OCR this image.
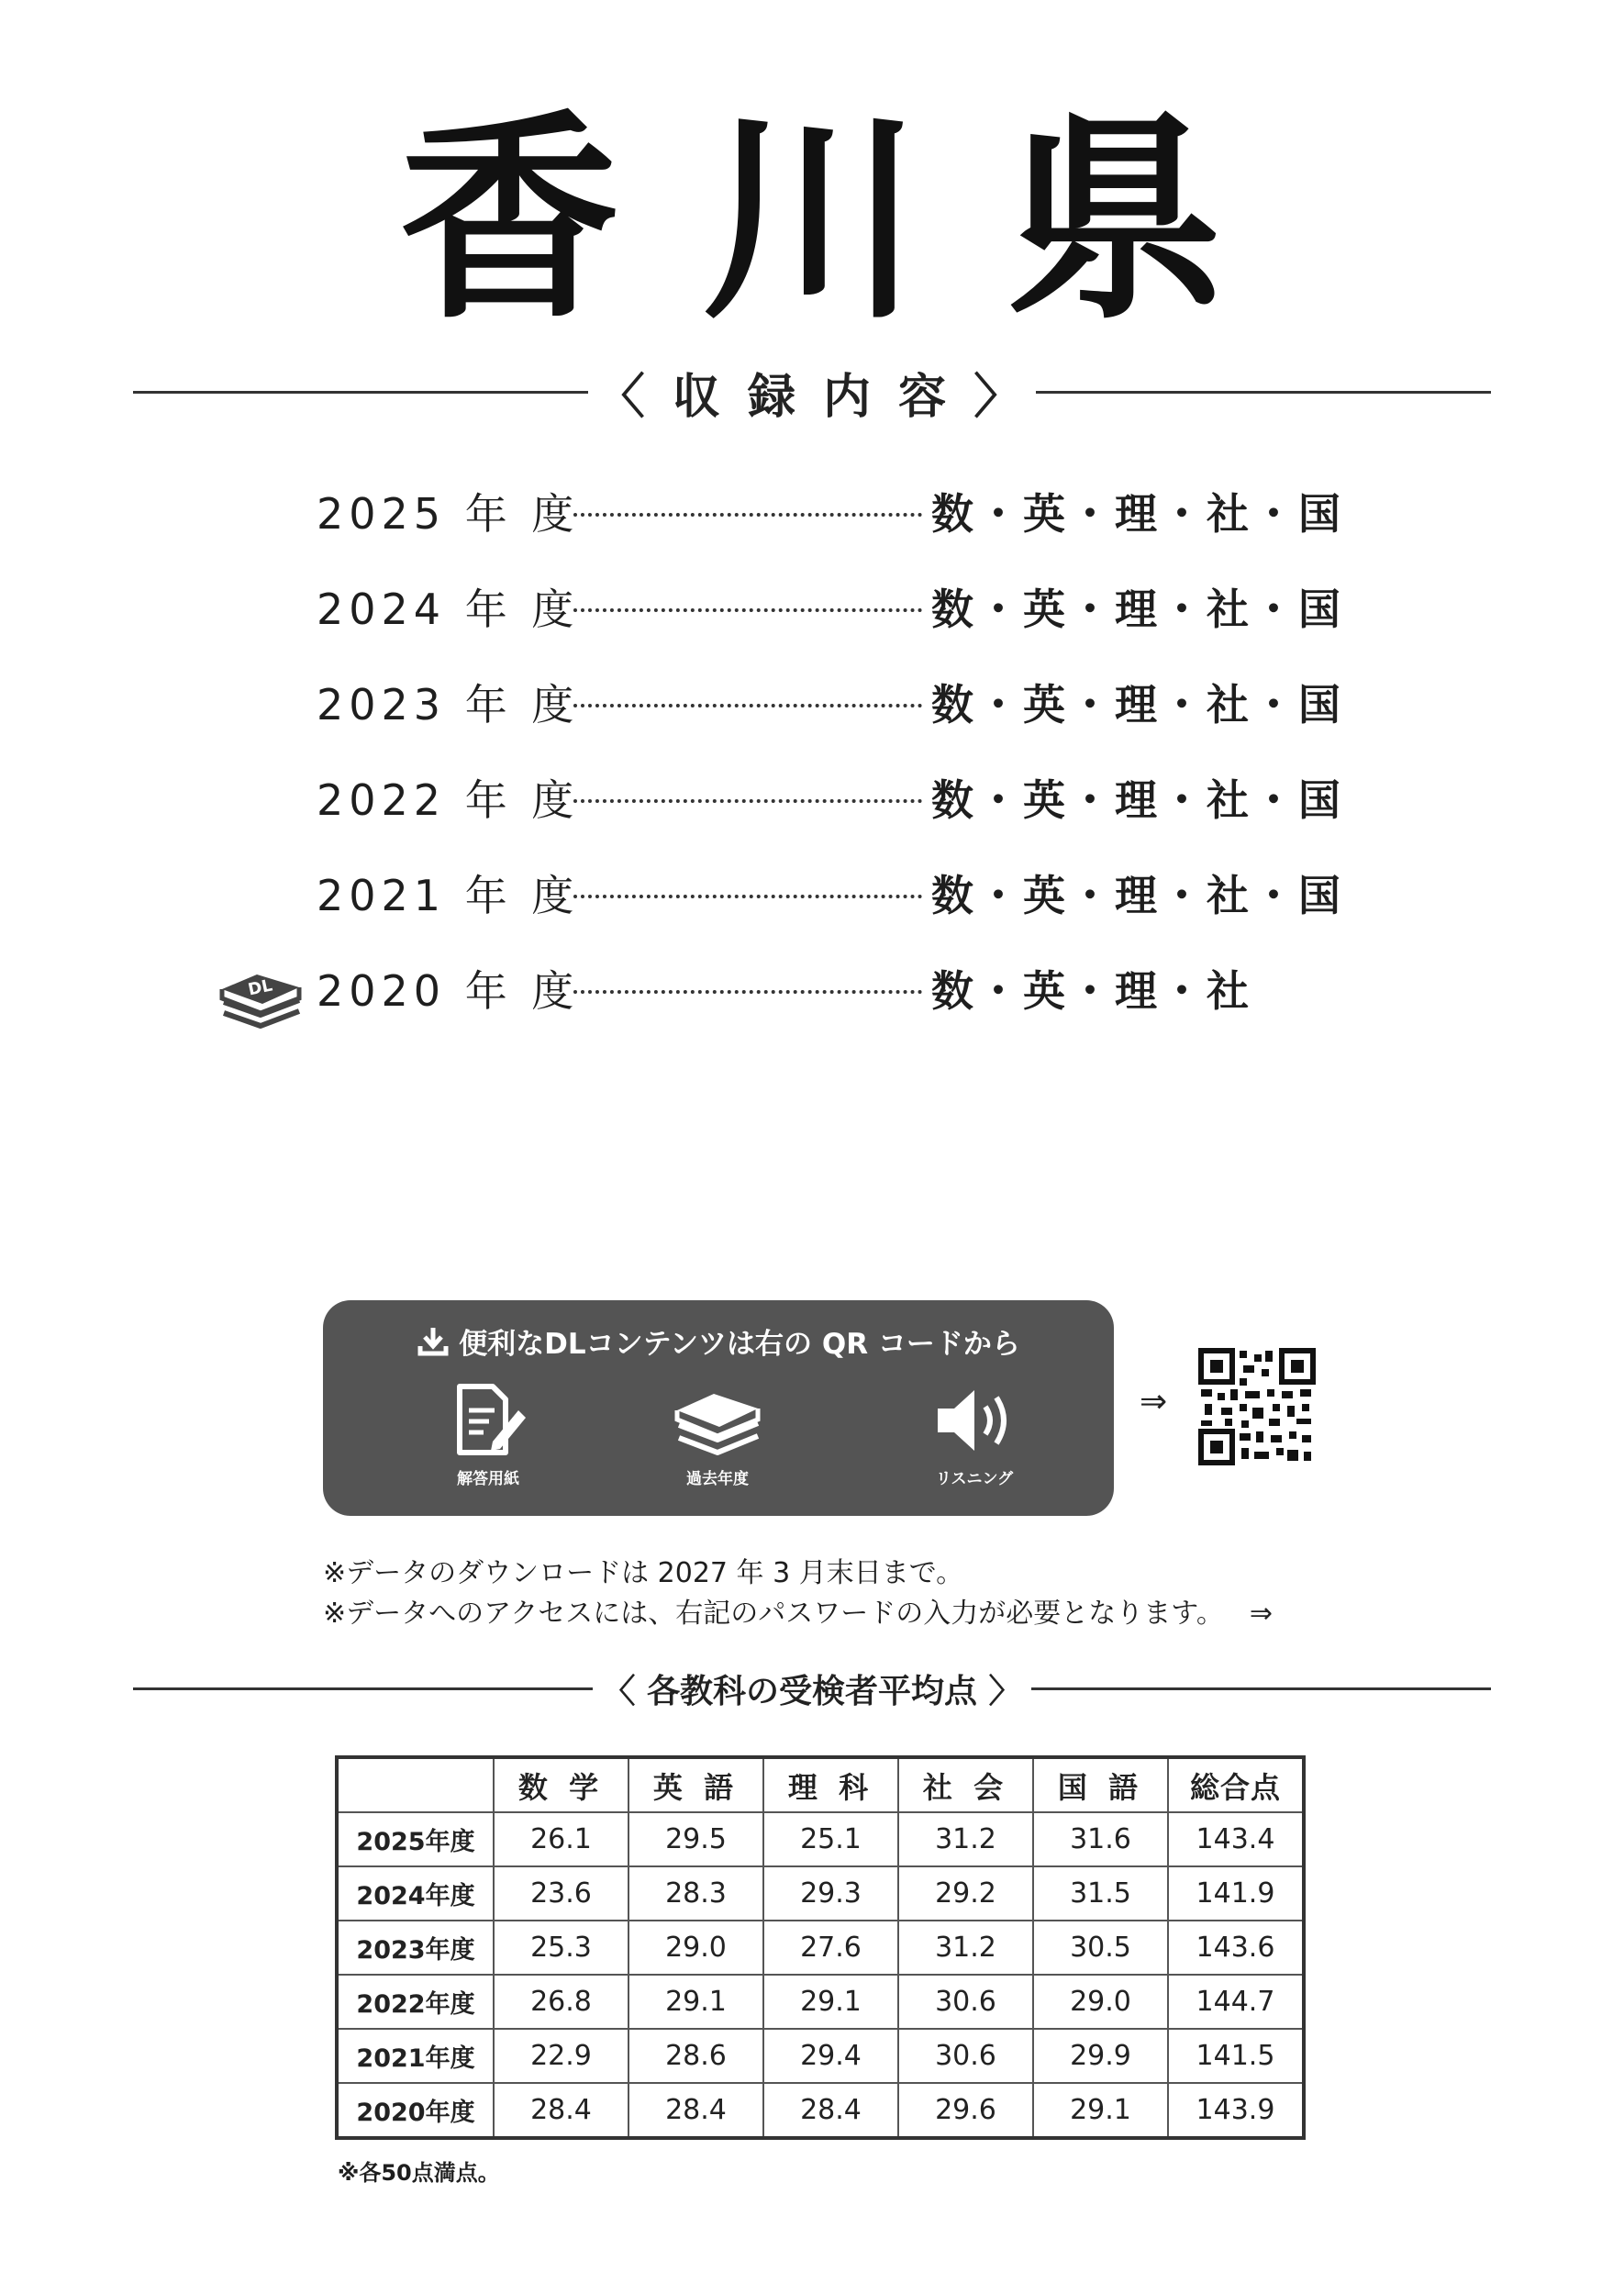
香 川 県
〈 収 録 内 容 〉
2025 年 度	数・英・理・社・国
2024 年 度	数・英・理・社・国
2023 年 度	数・英・理・社・国
2022 年 度	数・英・理・社・国
2021 年 度	数・英・理・社・国
2020 年 度	数・英・理・社
DL
便利なDLコンテンツは右の QR コードから
解答用紙	過去年度	リスニング
⇒
※データのダウンロードは 2027 年 3 月末日まで。
※データへのアクセスには、右記のパスワードの入力が必要となります。 ⇒
〈 各教科の受検者平均点 〉
	数 学	英 語	理 科	社 会	国 語	総合点
2025年度	26.1	29.5	25.1	31.2	31.6	143.4
2024年度	23.6	28.3	29.3	29.2	31.5	141.9
2023年度	25.3	29.0	27.6	31.2	30.5	143.6
2022年度	26.8	29.1	29.1	30.6	29.0	144.7
2021年度	22.9	28.6	29.4	30.6	29.9	141.5
2020年度	28.4	28.4	28.4	29.6	29.1	143.9
※各50点満点。
